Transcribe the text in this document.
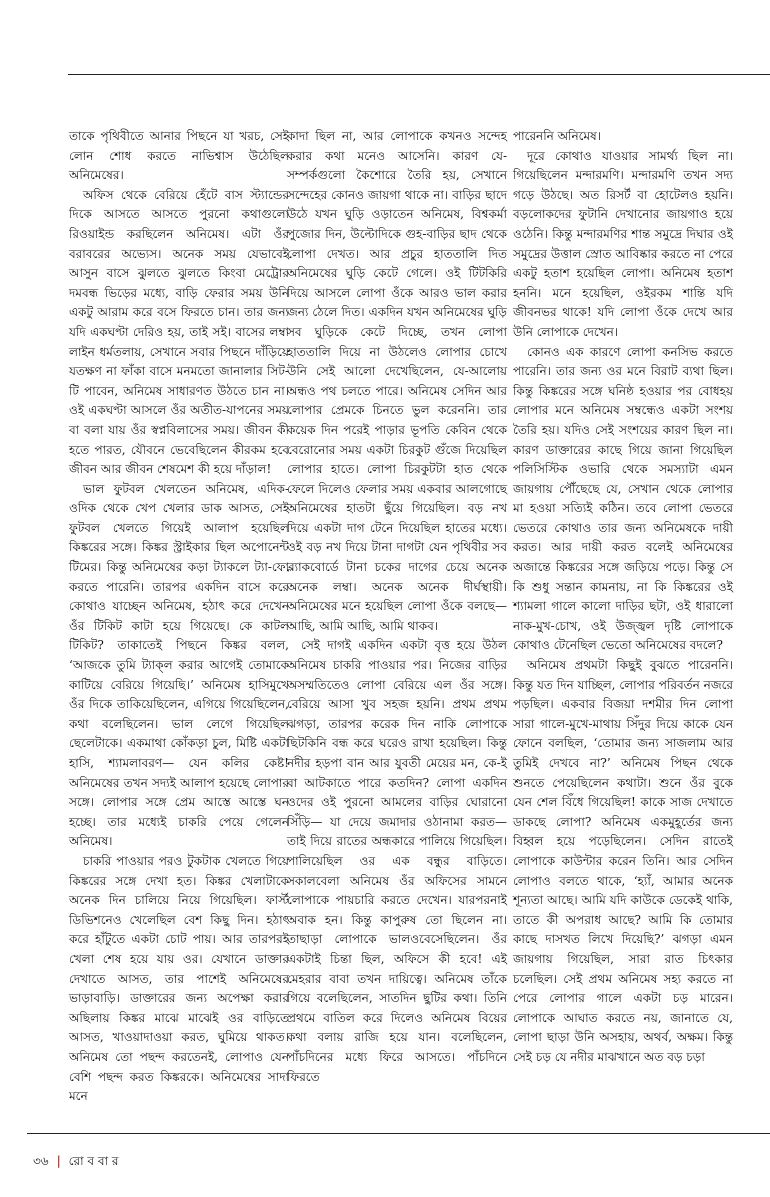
তাকে পৃথিবীতে আনার পিছনে যা খরচ, সেই লোন শোধ করতে নাভিশ্বাস উঠেছিল অনিমেষের।

অফিস থেকে বেরিয়ে হেঁটে বাস স্ট্যান্ডের দিকে আসতে আসতে পুরনো কথাগুলো রিওয়াইন্ড করছিলেন অনিমেষ। এটা ওঁর বরাবরের অভ্যেস। অনেক সময় যেভাবেই আসুন বাসে ঝুলতে ঝুলতে কিংবা মেট্রোর দমবন্ধ ভিড়ের মধ্যে, বাড়ি ফেরার সময় উনি একটু আরাম করে বসে ফিরতে চান। তার জন্য যদি একঘণ্টা দেরিও হয়, তাই সই। বাসের লম্বা লাইন ধর্মতলায়, সেখানে সবার পিছনে দাঁড়িয়ে যতক্ষণ না ফাঁকা বাসে মনমতো জানালার সিট-টি পাবেন, অনিমেষ সাধারণত উঠতে চান না। ওই একঘণ্টা আসলে ওঁর অতীত-যাপনের সময় বা বলা যায় ওঁর স্বপ্নবিলাসের সময়। জীবন কী হতে পারত, যৌবনে ভেবেছিলেন কীরকম হবে জীবন আর জীবন শেষমেশ কী হয়ে দাঁড়াল!

ভাল ফুটবল খেলতেন অনিমেষ, এদিক-ওদিক থেকে খেপ খেলার ডাক আসত, সেই ফুটবল খেলতে গিয়েই আলাপ হয়েছিল কিঙ্করের সঙ্গে। কিঙ্কর স্ট্রাইকার ছিল অপোনেন্ট টিমের। কিন্তু অনিমেষের কড়া ট্যাকলে ট্যা-ফো করতে পারেনি। তারপর একদিন বাসে করে কোথাও যাচ্ছেন অনিমেষ, হঠাৎ করে দেখেন ওঁর টিকিট কাটা হয়ে গিয়েছে। কে কাটল টিকিট? তাকাতেই পিছনে কিঙ্কর বলল, ‘আজকে তুমি ট্যাক্‌ল করার আগেই তোমাকে কাটিয়ে বেরিয়ে গিয়েছি।’ অনিমেষ হাসিমুখে ওঁর দিকে তাকিয়েছিলেন, এগিয়ে গিয়েছিলেন, কথা বলেছিলেন। ভাল লেগে গিয়েছিল ছেলেটাকে। একমাথা কোঁকড়া চুল, মিষ্টি একটা হাসি, শ্যামলাবরণ— যেন কলির কেষ্ট! অনিমেষের তখন সদ্যই আলাপ হয়েছে লোপার সঙ্গে। লোপার সঙ্গে প্রেম আস্তে আস্তে ঘন হচ্ছে। তার মধ্যেই চাকরি পেয়ে গেলেন অনিমেষ।

চাকরি পাওয়ার পরও টুকটাক খেলতে গিয়ে কিঙ্করের সঙ্গে দেখা হত। কিঙ্কর খেলাটাকে অনেক দিন চালিয়ে নিয়ে গিয়েছিল। ফার্স্ট ডিভিশনেও খেলেছিল বেশ কিছু দিন। হঠাৎ করে হাঁটুতে একটা চোট পায়। আর তারপরই খেলা শেষ হয়ে যায় ওর। যেখানে ডাক্তার দেখাতে আসত, তার পাশেই অনিমেষের ভাড়াবাড়ি। ডাক্তারের জন্য অপেক্ষা করার অছিলায় কিঙ্কর মাঝে মাঝেই ওর বাড়িতে আসত, খাওয়াদাওয়া করত, ঘুমিয়ে থাকত। অনিমেষ তো পছন্দ করতেনই, লোপাও যেন বেশি পছন্দ করত কিঙ্করকে। অনিমেষের সাদা মনে

কাদা ছিল না, আর লোপাকে কখনও সন্দেহ করার কথা মনেও আসেনি। কারণ যে-সম্পর্কগুলো কৈশোরে তৈরি হয়, সেখানে সন্দেহের কোনও জায়গা থাকে না। বাড়ির ছাদে উঠে যখন ঘুড়ি ওড়াতেন অনিমেষ, বিশ্বকর্মা পুজোর দিন, উল্টোদিকে গুহ-বাড়ির ছাদ থেকে লোপা দেখত। আর প্রচুর হাততালি দিত অনিমেষের ঘুড়ি কেটে গেলে। ওই টিটকিরি দিয়ে আসলে লোপা ওঁকে আরও ভাল করার জন্য ঠেলে দিত। একদিন যখন অনিমেষের ঘুড়ি সব ঘুড়িকে কেটে দিচ্ছে, তখন লোপা হাততালি দিয়ে না উঠলেও লোপার চোখে উনি সেই আলো দেখেছিলেন, যে-আলোয় অন্ধও পথ চলতে পারে। অনিমেষ সেদিন আর লোপার প্রেমকে চিনতে ভুল করেননি। তার কয়েক দিন পরেই পাড়ার ভূপতি কেবিন থেকে বেরোনোর সময় একটা চিরকুট গুঁজে দিয়েছিল লোপার হাতে। লোপা চিরকুটটা হাত থেকে ফেলে দিলেও ফেলার সময় একবার আলগোছে অনিমেষের হাতটা ছুঁয়ে গিয়েছিল। বড় নখ দিয়ে একটা দাগ টেনে দিয়েছিল হাতের মধ্যে। ওই বড় নখ দিয়ে টানা দাগটা যেন পৃথিবীর সব ব্ল্যাকবোর্ডে টানা চকের দাগের চেয়ে অনেক অনেক লম্বা। অনেক অনেক দীর্ঘস্থায়ী। অনিমেষের মনে হয়েছিল লোপা ওঁকে বলছে—আছি, আমি আছি, আমি থাকব।

সেই দাগই একদিন একটা বৃত্ত হয়ে উঠল অনিমেষ চাকরি পাওয়ার পর। নিজের বাড়ির অসম্মতিতেও লোপা বেরিয়ে এল ওঁর সঙ্গে। বেরিয়ে আসা খুব সহজ হয়নি। প্রথম প্রথম ঝগড়া, তারপর করেক দিন নাকি লোপাকে ছিটকিনি বন্ধ করে ঘরেও রাখা হয়েছিল। কিন্তু নদীর হড়পা বান আর যুবতী মেয়ের মন, কে-ই বা আটকাতে পারে কতদিন? লোপা একদিন ওদের ওই পুরনো আমলের বাড়ির ঘোরানো সিঁড়ি— যা দেয়ে জমাদার ওঠানামা করত— তাই দিয়ে রাতের অন্ধকারে পালিয়ে গিয়েছিল। পালিয়েছিল ওর এক বন্ধুর বাড়িতে। সকালবেলা অনিমেষ ওঁর অফিসের সামনে লোপাকে পায়চারি করতে দেখেন। যারপরনাই অবাক হন। কিন্তু কাপুরুষ তো ছিলেন না। তাছাড়া লোপাকে ভালওবেসেছিলেন। ওঁর একটাই চিন্তা ছিল, অফিসে কী হবে! এই মেহরার বাবা তখন দায়িত্বে। অনিমেষ তাঁকে গিয়ে বলেছিলেন, সাতদিন ছুটির কথা। তিনি প্রথমে বাতিল করে দিলেও অনিমেষ বিয়ের কথা বলায় রাজি হয়ে যান। বলেছিলেন, পাঁচদিনের মধ্যে ফিরে আসতে। পাঁচদিনে ফিরতে

পারেননি অনিমেষ।

দূরে কোথাও যাওয়ার সামর্থ্য ছিল না। গিয়েছিলেন মন্দারমণি। মন্দারমণি তখন সদ্য গড়ে উঠছে। অত রিসর্ট বা হোটেলও হয়নি। বড়লোকদের ফুটানি দেখানোর জায়গাও হয়ে ওঠেনি। কিন্তু মন্দারমণির শান্ত সমুদ্রে দিঘার ওই সমুদ্রের উত্তাল স্রোত আবিষ্কার করতে না পেরে একটু হতাশ হয়েছিল লোপা। অনিমেষ হতাশ হননি। মনে হয়েছিল, ওইরকম শান্তি যদি জীবনভর থাকে! যদি লোপা ওঁকে দেখে আর উনি লোপাকে দেখেন।

কোনও এক কারণে লোপা কনসিভ করতে পারেনি। তার জন্য ওর মনে বিরাট ব্যথা ছিল। কিন্তু কিঙ্করের সঙ্গে ঘনিষ্ঠ হওয়ার পর বোধহয় লোপার মনে অনিমেষ সম্বন্ধেও একটা সংশয় তৈরি হয়। যদিও সেই সংশয়ের কারণ ছিল না। কারণ ডাক্তারের কাছে গিয়ে জানা গিয়েছিল পলিসিস্টিক ওভারি থেকে সমস্যাটা এমন জায়গায় পৌঁছেছে যে, সেখান থেকে লোপার মা হওয়া সত্যিই কঠিন। তবে লোপা ভেতরে ভেতরে কোথাও তার জন্য অনিমেষকে দায়ী করত। আর দায়ী করত বলেই অনিমেষের অজান্তে কিঙ্করের সঙ্গে জড়িয়ে পড়ে। কিন্তু সে কি শুধু সন্তান কামনায়, না কি কিঙ্করের ওই শ্যামলা গালে কালো দাড়ির ছটা, ওই ধারালো নাক-মুখ-চোখ, ওই উজ্জ্বল দৃষ্টি লোপাকে কোথাও টেনেছিল ভেতো অনিমেষের বদলে?

অনিমেষ প্রথমটা কিছুই বুঝতে পারেননি। কিন্তু যত দিন যাচ্ছিল, লোপার পরিবর্তন নজরে পড়ছিল। একবার বিজয়া দশমীর দিন লোপা সারা গালে-মুখে-মাথায় সিঁদুর দিয়ে কাকে যেন ফোনে বলছিল, ‘তোমার জন্য সাজলাম আর তুমিই দেখবে না?’ অনিমেষ পিছন থেকে শুনতে পেয়েছিলেন কথাটা। শুনে ওঁর বুকে যেন শেল বিঁধে গিয়েছিল! কাকে সাজ দেখাতে ডাকছে লোপা? অনিমেষ একমুহূর্তের জন্য বিহ্বল হয়ে পড়েছিলেন। সেদিন রাতেই লোপাকে কাউন্টার করেন তিনি। আর সেদিন লোপাও বলতে থাকে, ‘হ্যাঁ, আমার অনেক শূন্যতা আছে। আমি যদি কাউকে ডেকেই থাকি, তাতে কী অপরাধ আছে? আমি কি তোমার কাছে দাসখত লিখে দিয়েছি?’ ঝগড়া এমন জায়গায় গিয়েছিল, সারা রাত চিৎকার চলেছিল। সেই প্রথম অনিমেষ সহ্য করতে না পেরে লোপার গালে একটা চড় মারেন। লোপাকে আঘাত করতে নয়, জানাতে যে, লোপা ছাড়া উনি অসহায়, অথর্ব, অক্ষম। কিন্তু সেই চড় যে নদীর মাঝখানে অত বড় চড়া

৩৬ | রো ব বা র
